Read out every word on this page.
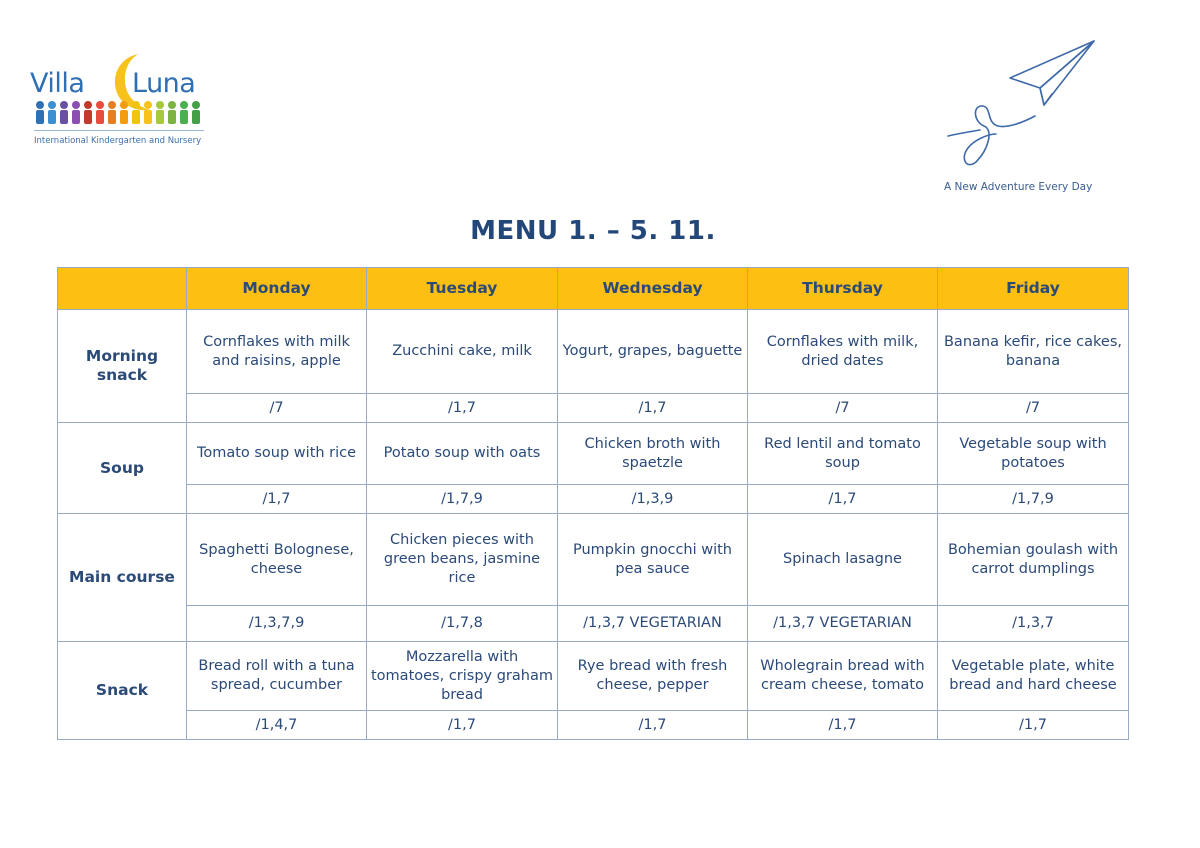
Villa Luna
International Kindergarten and Nursery
A New Adventure Every Day
MENU 1. – 5. 11.
	Monday	Tuesday	Wednesday	Thursday	Friday
Morning snack	Cornflakes with milk and raisins, apple	Zucchini cake, milk	Yogurt, grapes, baguette	Cornflakes with milk, dried dates	Banana kefir, rice cakes, banana
	/7	/1,7	/1,7	/7	/7
Soup	Tomato soup with rice	Potato soup with oats	Chicken broth with spaetzle	Red lentil and tomato soup	Vegetable soup with potatoes
	/1,7	/1,7,9	/1,3,9	/1,7	/1,7,9
Main course	Spaghetti Bolognese, cheese	Chicken pieces with green beans, jasmine rice	Pumpkin gnocchi with pea sauce	Spinach lasagne	Bohemian goulash with carrot dumplings
	/1,3,7,9	/1,7,8	/1,3,7 VEGETARIAN	/1,3,7 VEGETARIAN	/1,3,7
Snack	Bread roll with a tuna spread, cucumber	Mozzarella with tomatoes, crispy graham bread	Rye bread with fresh cheese, pepper	Wholegrain bread with cream cheese, tomato	Vegetable plate, white bread and hard cheese
	/1,4,7	/1,7	/1,7	/1,7	/1,7
